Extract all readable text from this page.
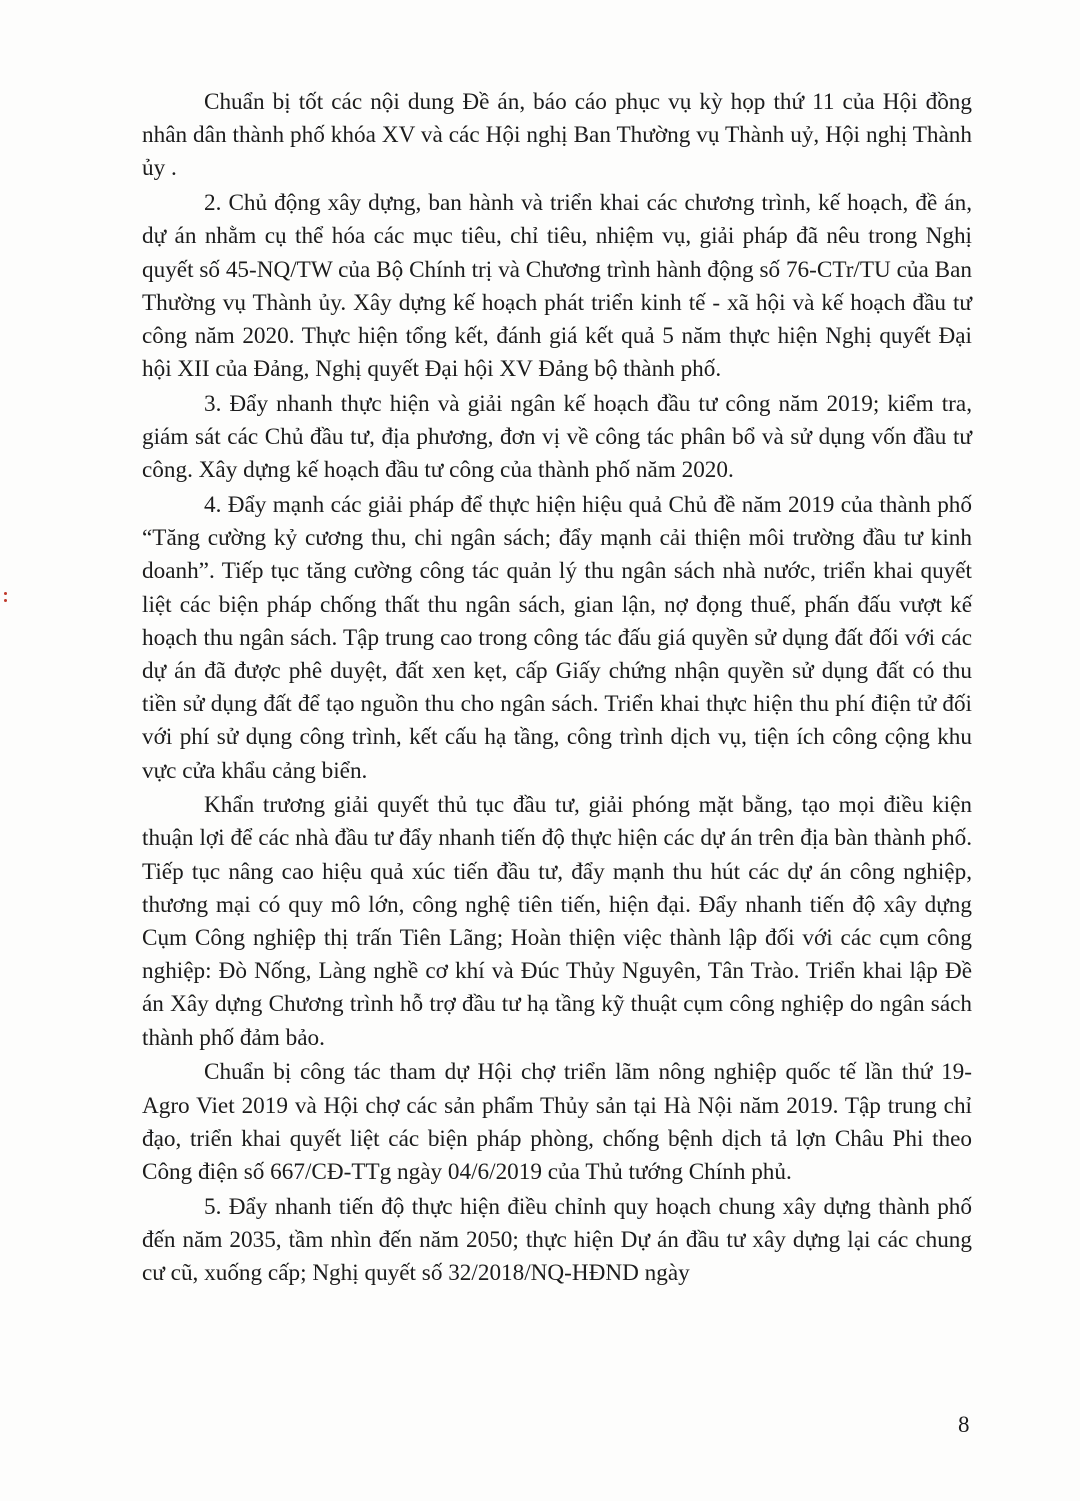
Chuẩn bị tốt các nội dung Đề án, báo cáo phục vụ kỳ họp thứ 11 của Hội đồng nhân dân thành phố khóa XV và các Hội nghị Ban Thường vụ Thành uỷ, Hội nghị Thành ủy .

2. Chủ động xây dựng, ban hành và triển khai các chương trình, kế hoạch, đề án, dự án nhằm cụ thể hóa các mục tiêu, chỉ tiêu, nhiệm vụ, giải pháp đã nêu trong Nghị quyết số 45-NQ/TW của Bộ Chính trị và Chương trình hành động số 76-CTr/TU của Ban Thường vụ Thành ủy. Xây dựng kế hoạch phát triển kinh tế - xã hội và kế hoạch đầu tư công năm 2020. Thực hiện tổng kết, đánh giá kết quả 5 năm thực hiện Nghị quyết Đại hội XII của Đảng, Nghị quyết Đại hội XV Đảng bộ thành phố.

3. Đẩy nhanh thực hiện và giải ngân kế hoạch đầu tư công năm 2019; kiểm tra, giám sát các Chủ đầu tư, địa phương, đơn vị về công tác phân bổ và sử dụng vốn đầu tư công. Xây dựng kế hoạch đầu tư công của thành phố năm 2020.

4. Đẩy mạnh các giải pháp để thực hiện hiệu quả Chủ đề năm 2019 của thành phố “Tăng cường kỷ cương thu, chi ngân sách; đẩy mạnh cải thiện môi trường đầu tư kinh doanh”. Tiếp tục tăng cường công tác quản lý thu ngân sách nhà nước, triển khai quyết liệt các biện pháp chống thất thu ngân sách, gian lận, nợ đọng thuế, phấn đấu vượt kế hoạch thu ngân sách. Tập trung cao trong công tác đấu giá quyền sử dụng đất đối với các dự án đã được phê duyệt, đất xen kẹt, cấp Giấy chứng nhận quyền sử dụng đất có thu tiền sử dụng đất để tạo nguồn thu cho ngân sách. Triển khai thực hiện thu phí điện tử đối với phí sử dụng công trình, kết cấu hạ tầng, công trình dịch vụ, tiện ích công cộng khu vực cửa khẩu cảng biển.

Khẩn trương giải quyết thủ tục đầu tư, giải phóng mặt bằng, tạo mọi điều kiện thuận lợi để các nhà đầu tư đẩy nhanh tiến độ thực hiện các dự án trên địa bàn thành phố. Tiếp tục nâng cao hiệu quả xúc tiến đầu tư, đẩy mạnh thu hút các dự án công nghiệp, thương mại có quy mô lớn, công nghệ tiên tiến, hiện đại. Đẩy nhanh tiến độ xây dựng Cụm Công nghiệp thị trấn Tiên Lãng; Hoàn thiện việc thành lập đối với các cụm công nghiệp: Đò Nống, Làng nghề cơ khí và Đúc Thủy Nguyên, Tân Trào. Triển khai lập Đề án Xây dựng Chương trình hỗ trợ đầu tư hạ tầng kỹ thuật cụm công nghiệp do ngân sách thành phố đảm bảo.

Chuẩn bị công tác tham dự Hội chợ triển lãm nông nghiệp quốc tế lần thứ 19-Agro Viet 2019 và Hội chợ các sản phẩm Thủy sản tại Hà Nội năm 2019. Tập trung chỉ đạo, triển khai quyết liệt các biện pháp phòng, chống bệnh dịch tả lợn Châu Phi theo Công điện số 667/CĐ-TTg ngày 04/6/2019 của Thủ tướng Chính phủ.

5. Đẩy nhanh tiến độ thực hiện điều chỉnh quy hoạch chung xây dựng thành phố đến năm 2035, tầm nhìn đến năm 2050; thực hiện Dự án đầu tư xây dựng lại các chung cư cũ, xuống cấp; Nghị quyết số 32/2018/NQ-HĐND ngày

8
